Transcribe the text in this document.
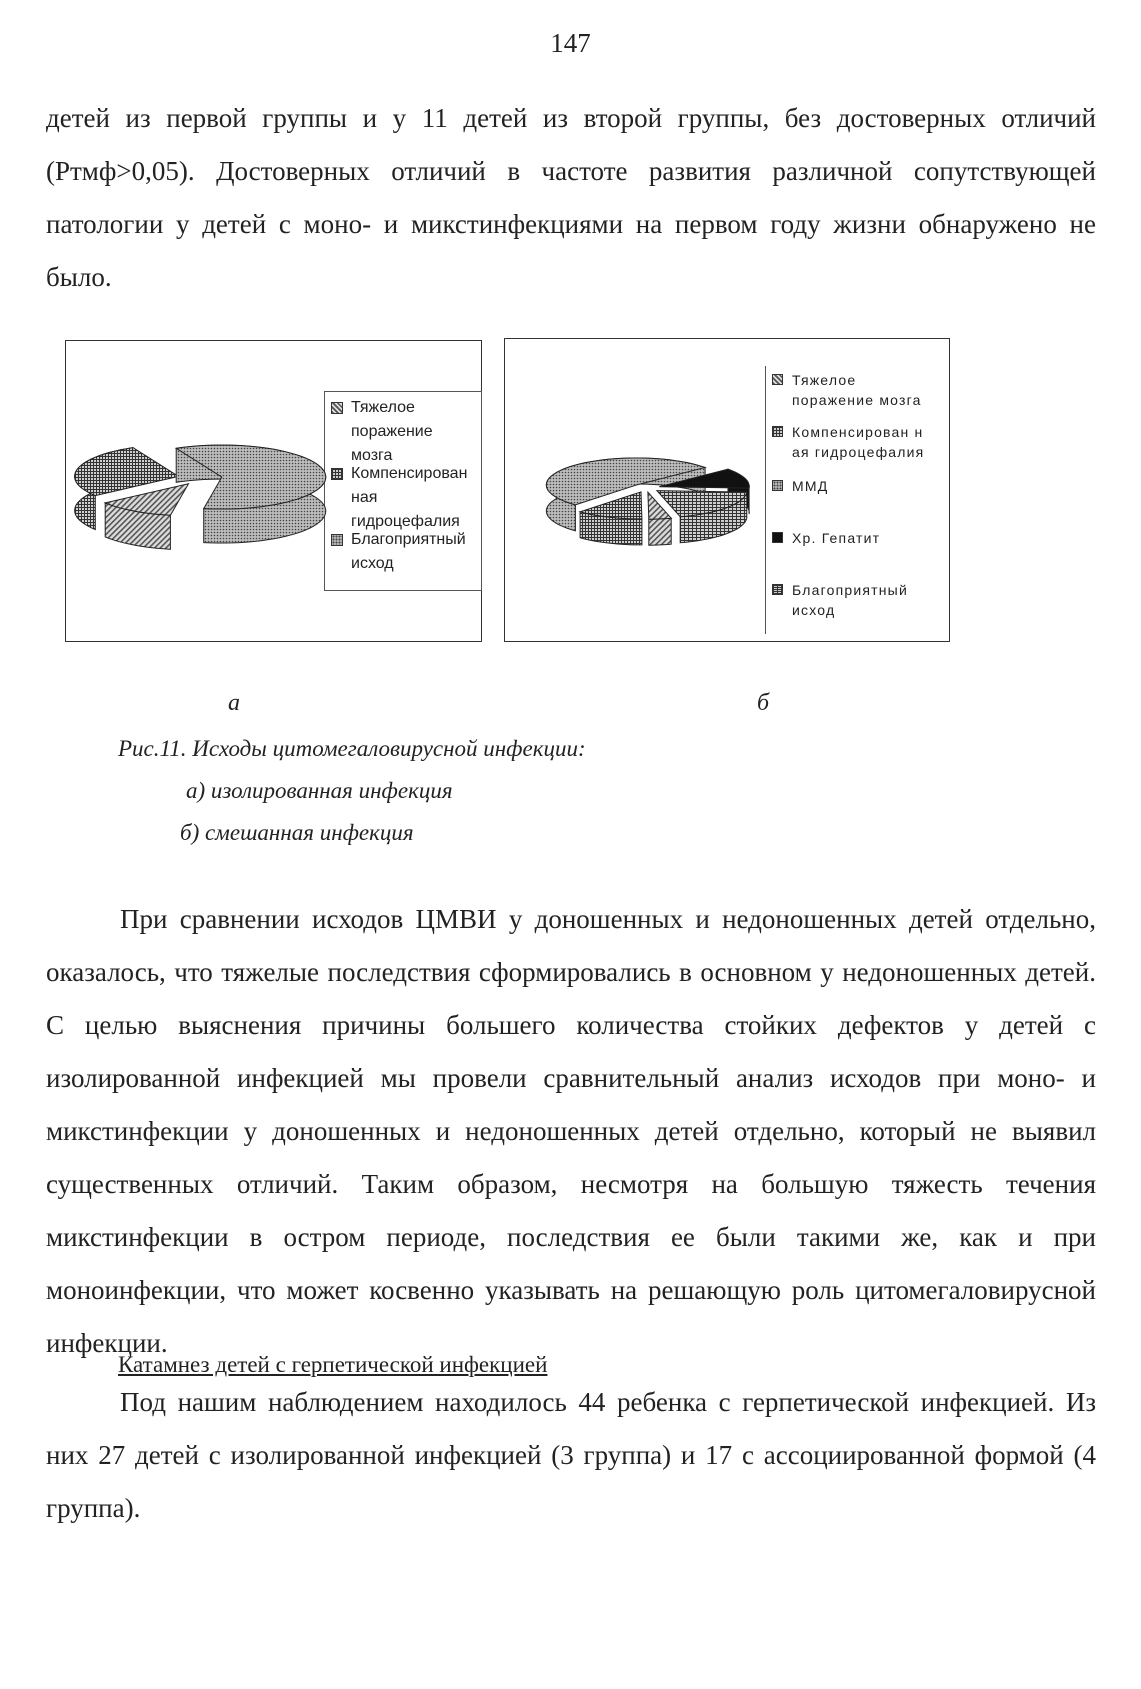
147

детей из первой группы и у 11 детей из второй группы, без достоверных отличий (Ртмф>0,05). Достоверных отличий в частоте развития различной сопутствующей патологии у детей с моно- и микстинфекциями на первом году жизни обнаружено не было.

Тяжелое
поражение
мозга
Компенсирован
ная
гидроцефалия
Благоприятный
исход
Тяжелое
поражение мозга
Компенсирован н
ая гидроцефалия
ММД
Хр. Гепатит
Благоприятный
исход
а	б
Рис.11. Исходы цитомегаловирусной инфекции:
а) изолированная инфекция
б) смешанная инфекция

При сравнении исходов ЦМВИ у доношенных и недоношенных детей отдельно, оказалось, что тяжелые последствия сформировались в основном у недоношенных детей. С целью выяснения причины большего количества стойких дефектов у детей с изолированной инфекцией мы провели сравнительный анализ исходов при моно- и микстинфекции у доношенных и недоношенных детей отдельно, который не выявил существенных отличий. Таким образом, несмотря на большую тяжесть течения микстинфекции в остром периоде, последствия ее были такими же, как и при моноинфекции, что может косвенно указывать на решающую роль цитомегаловирусной инфекции.

Катамнез детей с герпетической инфекцией

Под нашим наблюдением находилось 44 ребенка с герпетической инфекцией. Из них 27 детей с изолированной инфекцией (3 группа) и 17 с ассоциированной формой (4 группа).
